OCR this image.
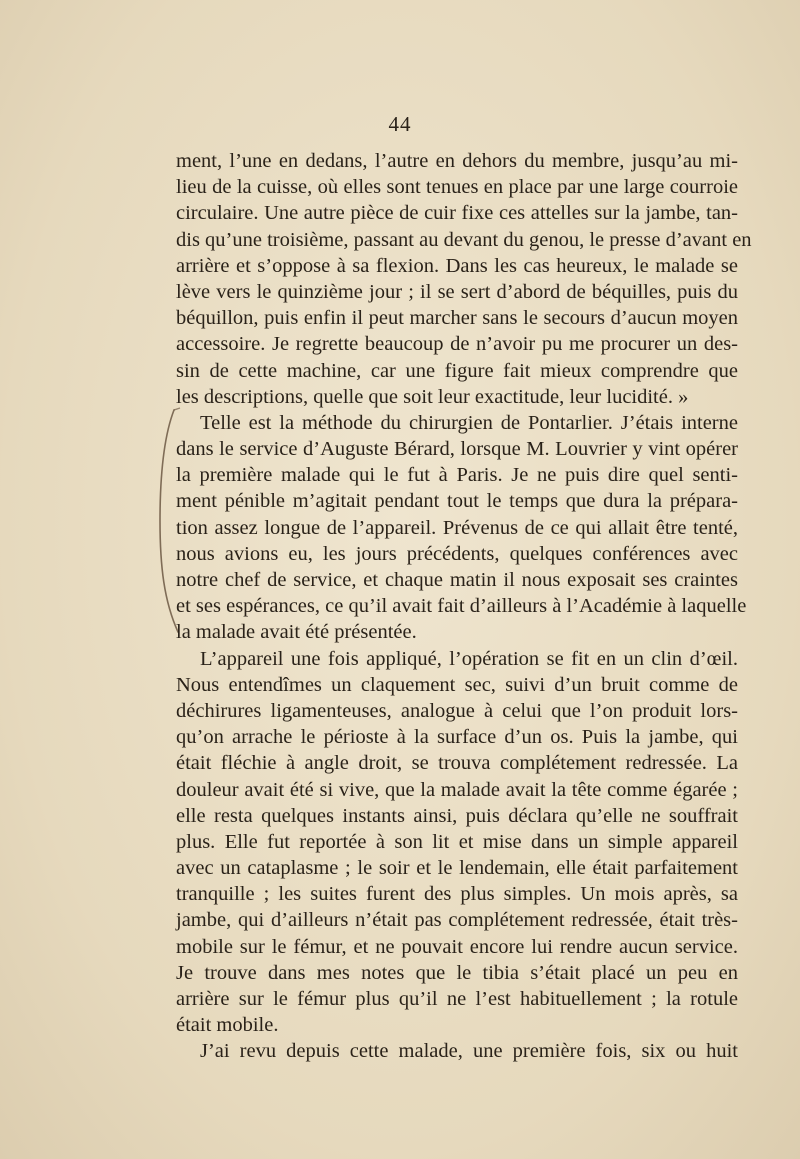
44
ment, l’une en dedans, l’autre en dehors du membre, jusqu’au mi-
lieu de la cuisse, où elles sont tenues en place par une large courroie
circulaire. Une autre pièce de cuir fixe ces attelles sur la jambe, tan-
dis qu’une troisième, passant au devant du genou, le presse d’avant en
arrière et s’oppose à sa flexion. Dans les cas heureux, le malade se
lève vers le quinzième jour ; il se sert d’abord de béquilles, puis du
béquillon, puis enfin il peut marcher sans le secours d’aucun moyen
accessoire. Je regrette beaucoup de n’avoir pu me procurer un des-
sin de cette machine, car une figure fait mieux comprendre que
les descriptions, quelle que soit leur exactitude, leur lucidité. »
Telle est la méthode du chirurgien de Pontarlier. J’étais interne
dans le service d’Auguste Bérard, lorsque M. Louvrier y vint opérer
la première malade qui le fut à Paris. Je ne puis dire quel senti-
ment pénible m’agitait pendant tout le temps que dura la prépara-
tion assez longue de l’appareil. Prévenus de ce qui allait être tenté,
nous avions eu, les jours précédents, quelques conférences avec
notre chef de service, et chaque matin il nous exposait ses craintes
et ses espérances, ce qu’il avait fait d’ailleurs à l’Académie à laquelle
la malade avait été présentée.
L’appareil une fois appliqué, l’opération se fit en un clin d’œil.
Nous entendîmes un claquement sec, suivi d’un bruit comme de
déchirures ligamenteuses, analogue à celui que l’on produit lors-
qu’on arrache le périoste à la surface d’un os. Puis la jambe, qui
était fléchie à angle droit, se trouva complétement redressée. La
douleur avait été si vive, que la malade avait la tête comme égarée ;
elle resta quelques instants ainsi, puis déclara qu’elle ne souffrait
plus. Elle fut reportée à son lit et mise dans un simple appareil
avec un cataplasme ; le soir et le lendemain, elle était parfaitement
tranquille ; les suites furent des plus simples. Un mois après, sa
jambe, qui d’ailleurs n’était pas complétement redressée, était très-
mobile sur le fémur, et ne pouvait encore lui rendre aucun service.
Je trouve dans mes notes que le tibia s’était placé un peu en
arrière sur le fémur plus qu’il ne l’est habituellement ; la rotule
était mobile.
J’ai revu depuis cette malade, une première fois, six ou huit
